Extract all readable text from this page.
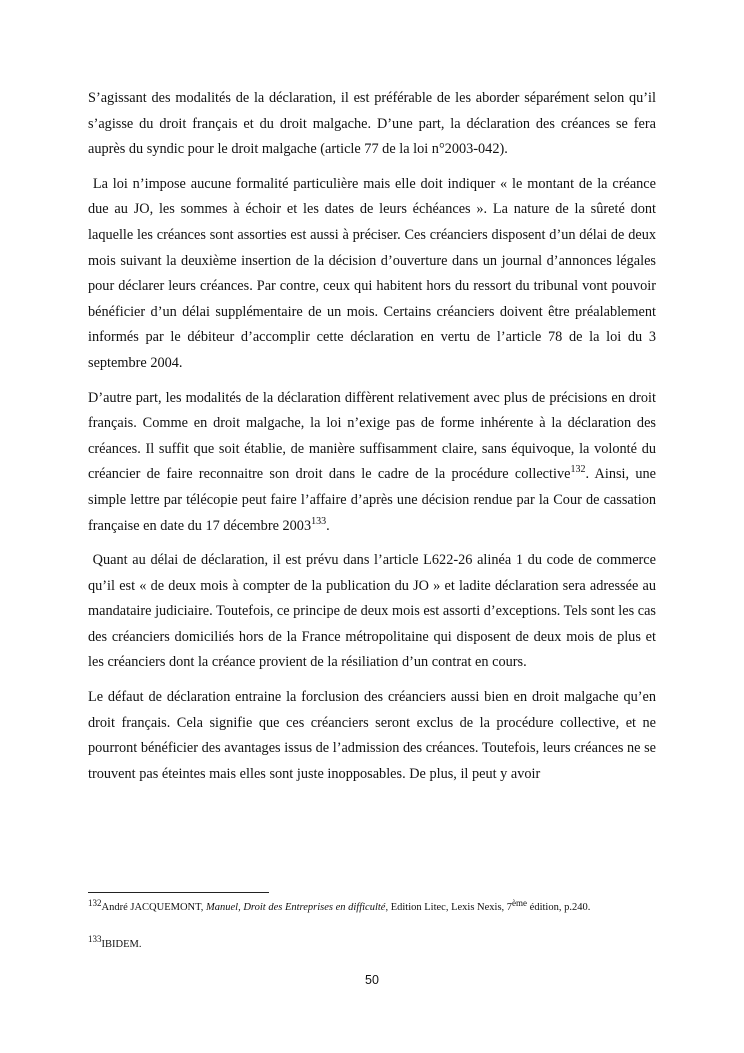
S’agissant des modalités de la déclaration, il est préférable de les aborder séparément selon qu’il s’agisse du droit français et du droit malgache. D’une part, la déclaration des créances se fera auprès du syndic pour le droit malgache (article 77 de la loi n°2003-042).

La loi n’impose aucune formalité particulière mais elle doit indiquer « le montant de la créance due au JO, les sommes à échoir et les dates de leurs échéances ». La nature de la sûreté dont laquelle les créances sont assorties est aussi à préciser. Ces créanciers disposent d’un délai de deux mois suivant la deuxième insertion de la décision d’ouverture dans un journal d’annonces légales pour déclarer leurs créances. Par contre, ceux qui habitent hors du ressort du tribunal vont pouvoir bénéficier d’un délai supplémentaire de un mois. Certains créanciers doivent être préalablement informés par le débiteur d’accomplir cette déclaration en vertu de l’article 78 de la loi du 3 septembre 2004.

D’autre part, les modalités de la déclaration diffèrent relativement avec plus de précisions en droit français. Comme en droit malgache, la loi n’exige pas de forme inhérente à la déclaration des créances. Il suffit que soit établie, de manière suffisamment claire, sans équivoque, la volonté du créancier de faire reconnaitre son droit dans le cadre de la procédure collective$^{132}$. Ainsi, une simple lettre par télécopie peut faire l’affaire d’après une décision rendue par la Cour de cassation française en date du 17 décembre 2003$^{133}$.

Quant au délai de déclaration, il est prévu dans l’article L622-26 alinéa 1 du code de commerce qu’il est « de deux mois à compter de la publication du JO » et ladite déclaration sera adressée au mandataire judiciaire. Toutefois, ce principe de deux mois est assorti d’exceptions. Tels sont les cas des créanciers domiciliés hors de la France métropolitaine qui disposent de deux mois de plus et les créanciers dont la créance provient de la résiliation d’un contrat en cours.

Le défaut de déclaration entraine la forclusion des créanciers aussi bien en droit malgache qu’en droit français. Cela signifie que ces créanciers seront exclus de la procédure collective, et ne pourront bénéficier des avantages issus de l’admission des créances. Toutefois, leurs créances ne se trouvent pas éteintes mais elles sont juste inopposables. De plus, il peut y avoir

132André JACQUEMONT, Manuel, Droit des Entreprises en difficulté, Edition Litec, Lexis Nexis, 7ème édition, p.240.
133IBIDEM.
50
